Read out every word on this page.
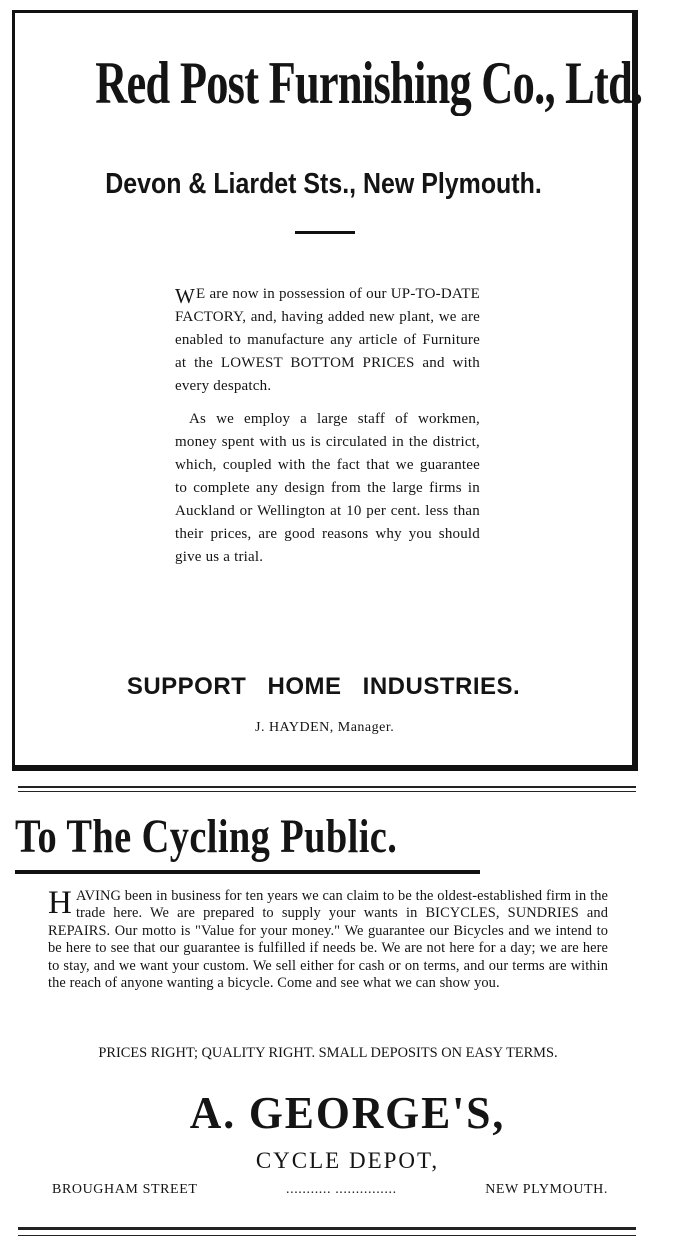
Red Post Furnishing Co., Ltd.
Devon & Liardet Sts., New Plymouth.

W E are now in possession of our UP-TO-DATE FACTORY, and, having added new plant, we are enabled to manufacture any article of Furniture at the LOWEST BOTTOM PRICES and with every despatch.

As we employ a large staff of workmen, money spent with us is circulated in the district, which, coupled with the fact that we guarantee to complete any design from the large firms in Auckland or Wellington at 10 per cent. less than their prices, are good reasons why you should give us a trial.

SUPPORT HOME INDUSTRIES.
J. HAYDEN, Manager.
To The Cycling Public.
HAVING been in business for ten years we can claim to be the oldest-established firm in the trade here. We are prepared to supply your wants in BICYCLES, SUNDRIES and REPAIRS. Our motto is "Value for your money." We guarantee our Bicycles and we intend to be here to see that our guarantee is fulfilled if needs be. We are not here for a day; we are here to stay, and we want your custom. We sell either for cash or on terms, and our terms are within the reach of anyone wanting a bicycle. Come and see what we can show you.
PRICES RIGHT; QUALITY RIGHT. SMALL DEPOSITS ON EASY TERMS.
A. GEORGE'S,
CYCLE DEPOT,
BROUGHAM STREET	........... ...............	NEW PLYMOUTH.
